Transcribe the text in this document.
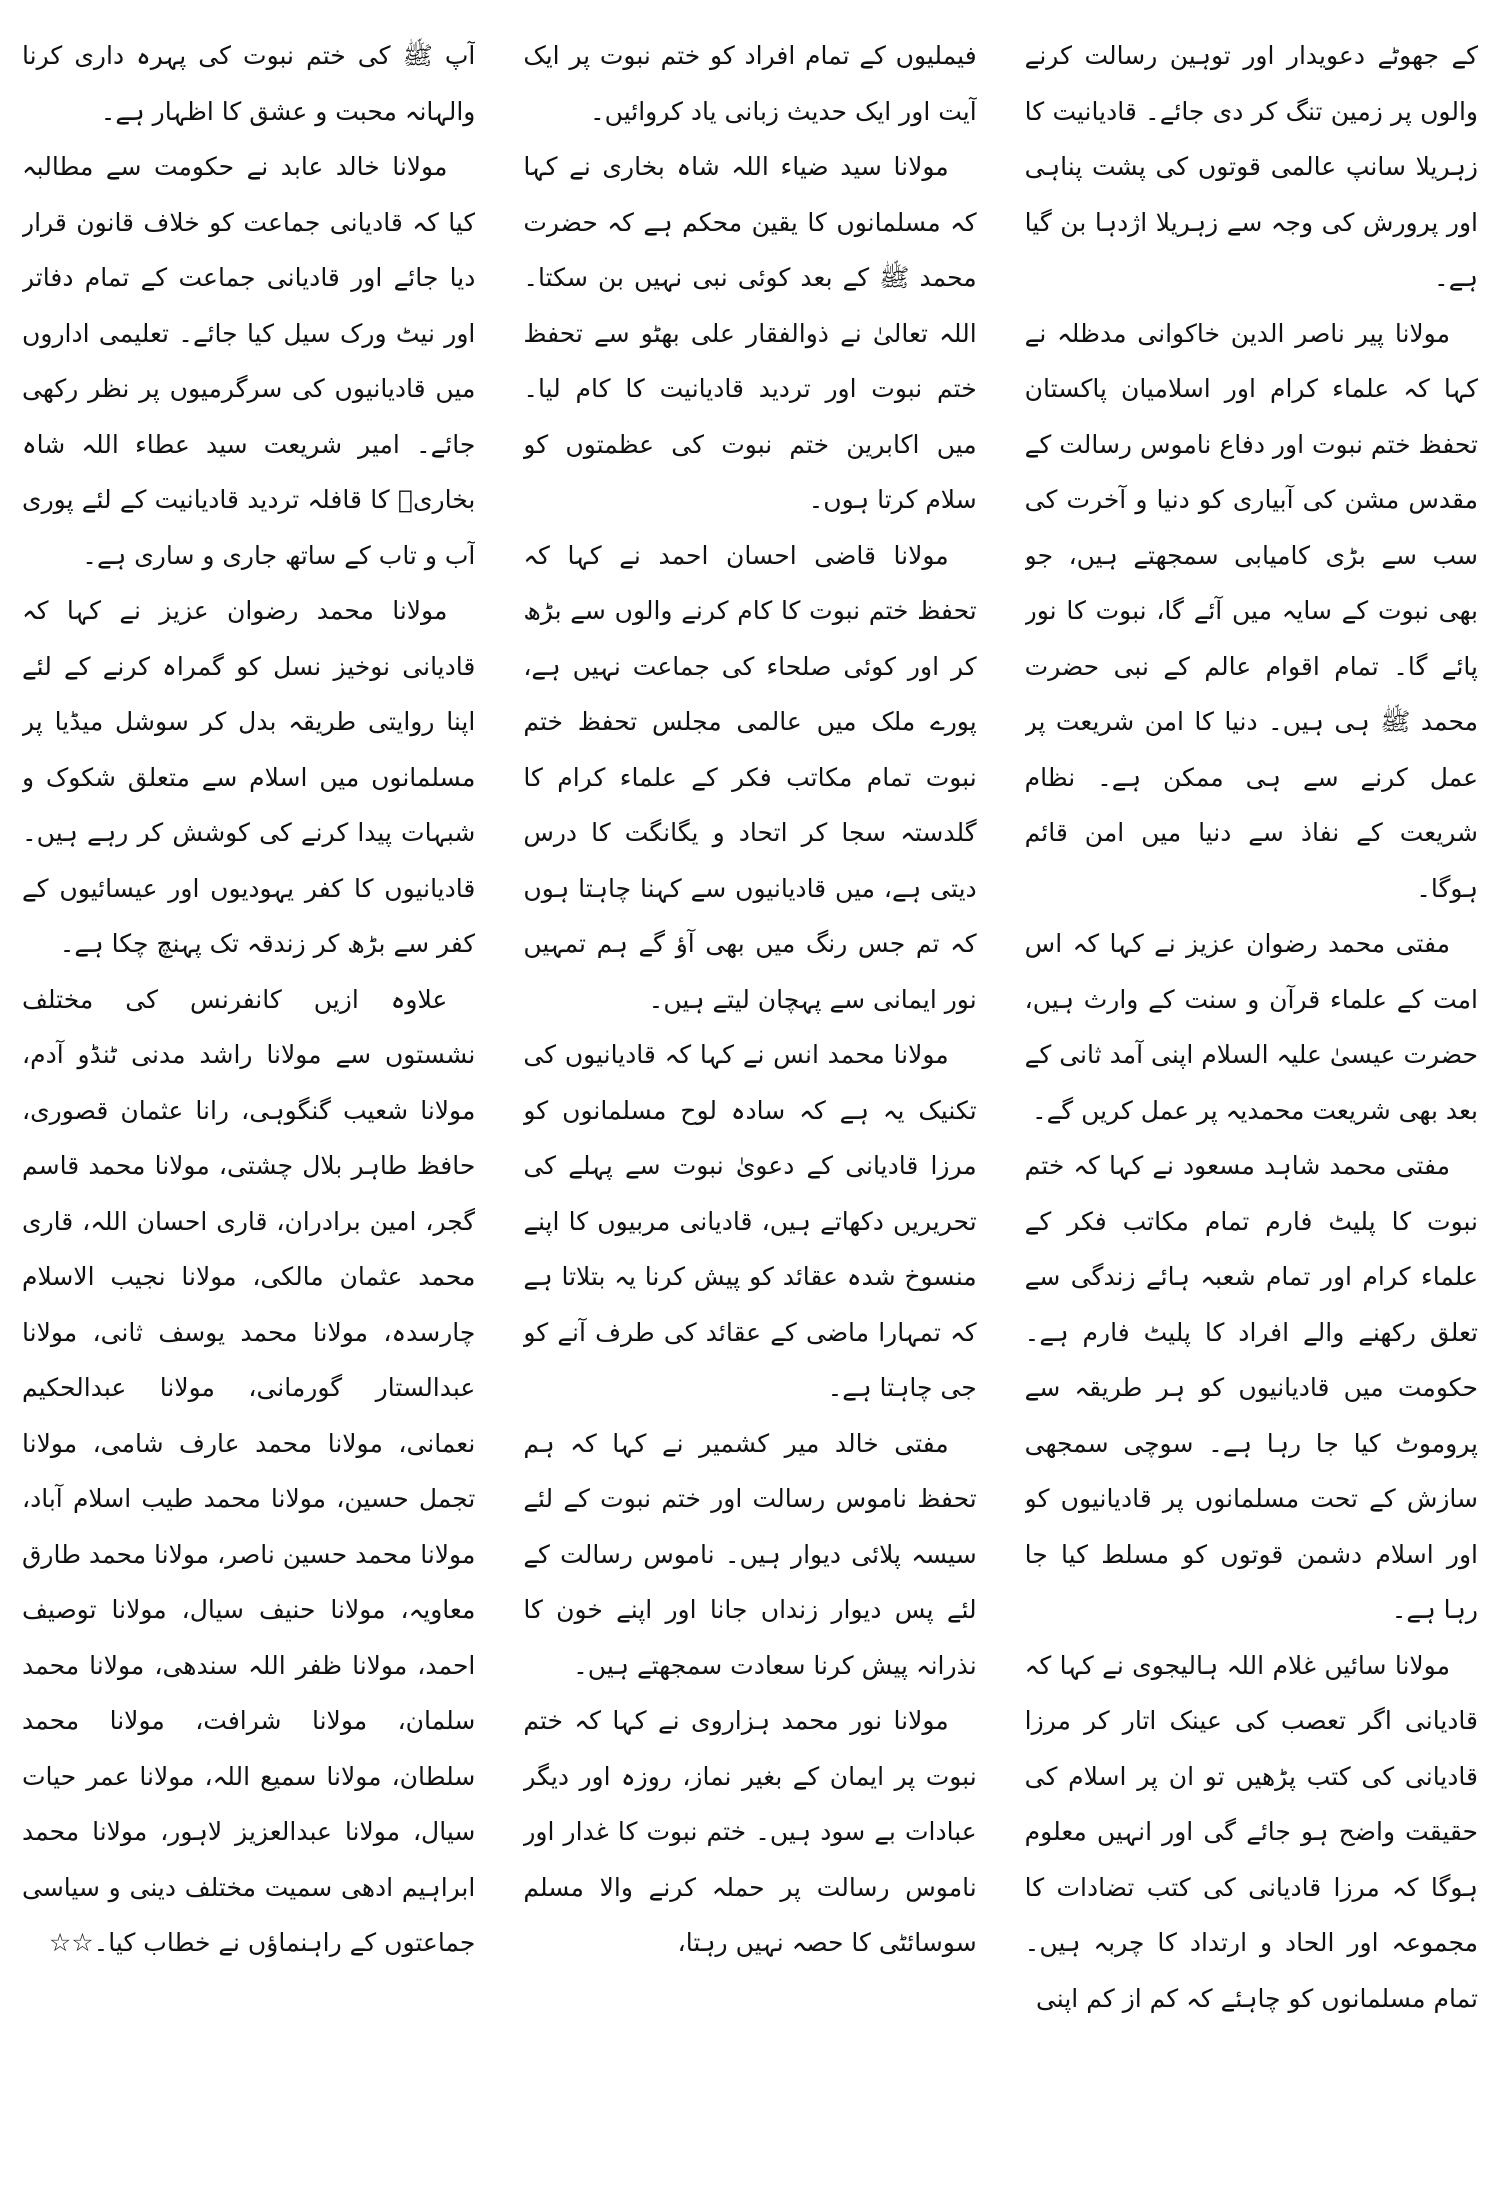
کے جھوٹے دعویدار اور توہین رسالت کرنے والوں پر زمین تنگ کر دی جائے۔ قادیانیت کا زہریلا سانپ عالمی قوتوں کی پشت پناہی اور پرورش کی وجہ سے زہریلا اژدہا بن گیا ہے۔

مولانا پیر ناصر الدین خاکوانی مدظلہ نے کہا کہ علماء کرام اور اسلامیان پاکستان تحفظ ختم نبوت اور دفاع ناموس رسالت کے مقدس مشن کی آبیاری کو دنیا و آخرت کی سب سے بڑی کامیابی سمجھتے ہیں، جو بھی نبوت کے سایہ میں آئے گا، نبوت کا نور پائے گا۔ تمام اقوام عالم کے نبی حضرت محمد ﷺ ہی ہیں۔ دنیا کا امن شریعت پر عمل کرنے سے ہی ممکن ہے۔ نظام شریعت کے نفاذ سے دنیا میں امن قائم ہوگا۔

مفتی محمد رضوان عزیز نے کہا کہ اس امت کے علماء قرآن و سنت کے وارث ہیں، حضرت عیسیٰ علیہ السلام اپنی آمد ثانی کے بعد بھی شریعت محمدیہ پر عمل کریں گے۔

مفتی محمد شاہد مسعود نے کہا کہ ختم نبوت کا پلیٹ فارم تمام مکاتب فکر کے علماء کرام اور تمام شعبہ ہائے زندگی سے تعلق رکھنے والے افراد کا پلیٹ فارم ہے۔ حکومت میں قادیانیوں کو ہر طریقہ سے پروموٹ کیا جا رہا ہے۔ سوچی سمجھی سازش کے تحت مسلمانوں پر قادیانیوں کو اور اسلام دشمن قوتوں کو مسلط کیا جا رہا ہے۔

مولانا سائیں غلام اللہ ہالیجوی نے کہا کہ قادیانی اگر تعصب کی عینک اتار کر مرزا قادیانی کی کتب پڑھیں تو ان پر اسلام کی حقیقت واضح ہو جائے گی اور انہیں معلوم ہوگا کہ مرزا قادیانی کی کتب تضادات کا مجموعہ اور الحاد و ارتداد کا چربہ ہیں۔ تمام مسلمانوں کو چاہئے کہ کم از کم اپنی

فیملیوں کے تمام افراد کو ختم نبوت پر ایک آیت اور ایک حدیث زبانی یاد کروائیں۔

مولانا سید ضیاء اللہ شاہ بخاری نے کہا کہ مسلمانوں کا یقین محکم ہے کہ حضرت محمد ﷺ کے بعد کوئی نبی نہیں بن سکتا۔ اللہ تعالیٰ نے ذوالفقار علی بھٹو سے تحفظ ختم نبوت اور تردید قادیانیت کا کام لیا۔ میں اکابرین ختم نبوت کی عظمتوں کو سلام کرتا ہوں۔

مولانا قاضی احسان احمد نے کہا کہ تحفظ ختم نبوت کا کام کرنے والوں سے بڑھ کر اور کوئی صلحاء کی جماعت نہیں ہے، پورے ملک میں عالمی مجلس تحفظ ختم نبوت تمام مکاتب فکر کے علماء کرام کا گلدستہ سجا کر اتحاد و یگانگت کا درس دیتی ہے، میں قادیانیوں سے کہنا چاہتا ہوں کہ تم جس رنگ میں بھی آؤ گے ہم تمہیں نور ایمانی سے پہچان لیتے ہیں۔

مولانا محمد انس نے کہا کہ قادیانیوں کی تکنیک یہ ہے کہ سادہ لوح مسلمانوں کو مرزا قادیانی کے دعویٰ نبوت سے پہلے کی تحریریں دکھاتے ہیں، قادیانی مربیوں کا اپنے منسوخ شدہ عقائد کو پیش کرنا یہ بتلاتا ہے کہ تمہارا ماضی کے عقائد کی طرف آنے کو جی چاہتا ہے۔

مفتی خالد میر کشمیر نے کہا کہ ہم تحفظ ناموس رسالت اور ختم نبوت کے لئے سیسہ پلائی دیوار ہیں۔ ناموس رسالت کے لئے پس دیوار زنداں جانا اور اپنے خون کا نذرانہ پیش کرنا سعادت سمجھتے ہیں۔

مولانا نور محمد ہزاروی نے کہا کہ ختم نبوت پر ایمان کے بغیر نماز، روزہ اور دیگر عبادات بے سود ہیں۔ ختم نبوت کا غدار اور ناموس رسالت پر حملہ کرنے والا مسلم سوسائٹی کا حصہ نہیں رہتا،

آپ ﷺ کی ختم نبوت کی پہرہ داری کرنا والہانہ محبت و عشق کا اظہار ہے۔

مولانا خالد عابد نے حکومت سے مطالبہ کیا کہ قادیانی جماعت کو خلاف قانون قرار دیا جائے اور قادیانی جماعت کے تمام دفاتر اور نیٹ ورک سیل کیا جائے۔ تعلیمی اداروں میں قادیانیوں کی سرگرمیوں پر نظر رکھی جائے۔ امیر شریعت سید عطاء اللہ شاہ بخاریؒ کا قافلہ تردید قادیانیت کے لئے پوری آب و تاب کے ساتھ جاری و ساری ہے۔

مولانا محمد رضوان عزیز نے کہا کہ قادیانی نوخیز نسل کو گمراہ کرنے کے لئے اپنا روایتی طریقہ بدل کر سوشل میڈیا پر مسلمانوں میں اسلام سے متعلق شکوک و شبہات پیدا کرنے کی کوشش کر رہے ہیں۔ قادیانیوں کا کفر یہودیوں اور عیسائیوں کے کفر سے بڑھ کر زندقہ تک پہنچ چکا ہے۔

علاوہ ازیں کانفرنس کی مختلف نشستوں سے مولانا راشد مدنی ٹنڈو آدم، مولانا شعیب گنگوہی، رانا عثمان قصوری، حافظ طاہر بلال چشتی، مولانا محمد قاسم گجر، امین برادران، قاری احسان اللہ، قاری محمد عثمان مالکی، مولانا نجیب الاسلام چارسدہ، مولانا محمد یوسف ثانی، مولانا عبدالستار گورمانی، مولانا عبدالحکیم نعمانی، مولانا محمد عارف شامی، مولانا تجمل حسین، مولانا محمد طیب اسلام آباد، مولانا محمد حسین ناصر، مولانا محمد طارق معاویہ، مولانا حنیف سیال، مولانا توصیف احمد، مولانا ظفر اللہ سندھی، مولانا محمد سلمان، مولانا شرافت، مولانا محمد سلطان، مولانا سمیع اللہ، مولانا عمر حیات سیال، مولانا عبدالعزیز لاہور، مولانا محمد ابراہیم ادھی سمیت مختلف دینی و سیاسی جماعتوں کے راہنماؤں نے خطاب کیا۔☆☆
